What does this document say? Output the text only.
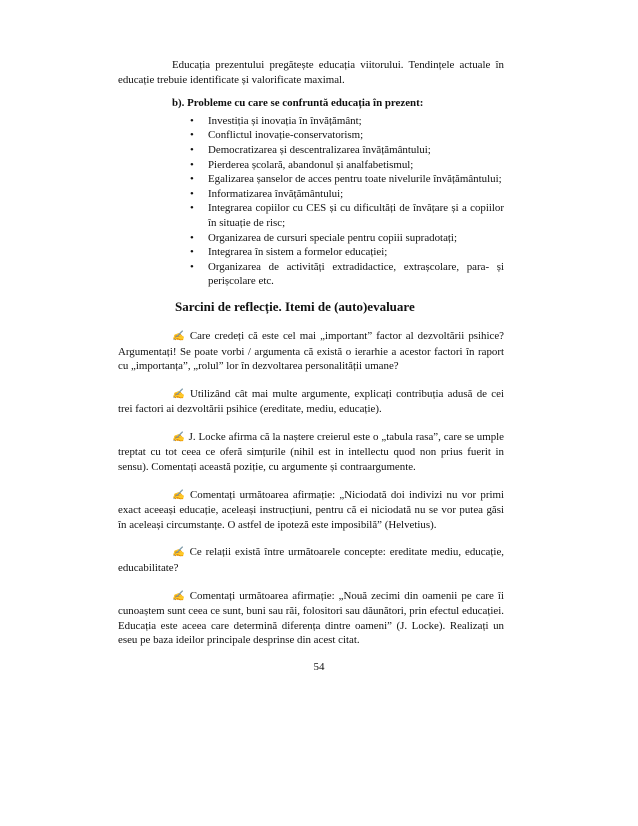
Educația prezentului pregătește educația viitorului. Tendințele actuale în educație trebuie identificate și valorificate maximal.

b). Probleme cu care se confruntă educația în prezent:

• Investiția și inovația în învățământ;
• Conflictul inovație-conservatorism;
• Democratizarea și descentralizarea învățământului;
• Pierderea școlară, abandonul și analfabetismul;
• Egalizarea șanselor de acces pentru toate nivelurile învățământului;
• Informatizarea învățământului;
• Integrarea copiilor cu CES și cu dificultăți de învățare și a copiilor în situație de risc;
• Organizarea de cursuri speciale pentru copiii supradotați;
• Integrarea în sistem a formelor educației;
• Organizarea de activități extradidactice, extrașcolare, para- și perișcolare etc.

Sarcini de reflecție. Itemi de (auto)evaluare

✍ Care credeți că este cel mai „important” factor al dezvoltării psihice? Argumentați! Se poate vorbi / argumenta că există o ierarhie a acestor factori în raport cu „importanța”, „rolul” lor în dezvoltarea personalității umane?

✍ Utilizând cât mai multe argumente, explicați contribuția adusă de cei trei factori ai dezvoltării psihice (ereditate, mediu, educație).

✍ J. Locke afirma că la naștere creierul este o „tabula rasa”, care se umple treptat cu tot ceea ce oferă simțurile (nihil est in intellectu quod non prius fuerit in sensu). Comentați această poziție, cu argumente și contraargumente.

✍ Comentați următoarea afirmație: „Niciodată doi indivizi nu vor primi exact aceeași educație, aceleași instrucțiuni, pentru că ei niciodată nu se vor putea găsi în aceleași circumstanțe. O astfel de ipoteză este imposibilă” (Helvetius).

✍ Ce relații există între următoarele concepte: ereditate mediu, educație, educabilitate?

✍ Comentați următoarea afirmație: „Nouă zecimi din oamenii pe care îi cunoaștem sunt ceea ce sunt, buni sau răi, folositori sau dăunători, prin efectul educației. Educația este aceea care determină diferența dintre oameni” (J. Locke). Realizați un eseu pe baza ideilor principale desprinse din acest citat.

54
